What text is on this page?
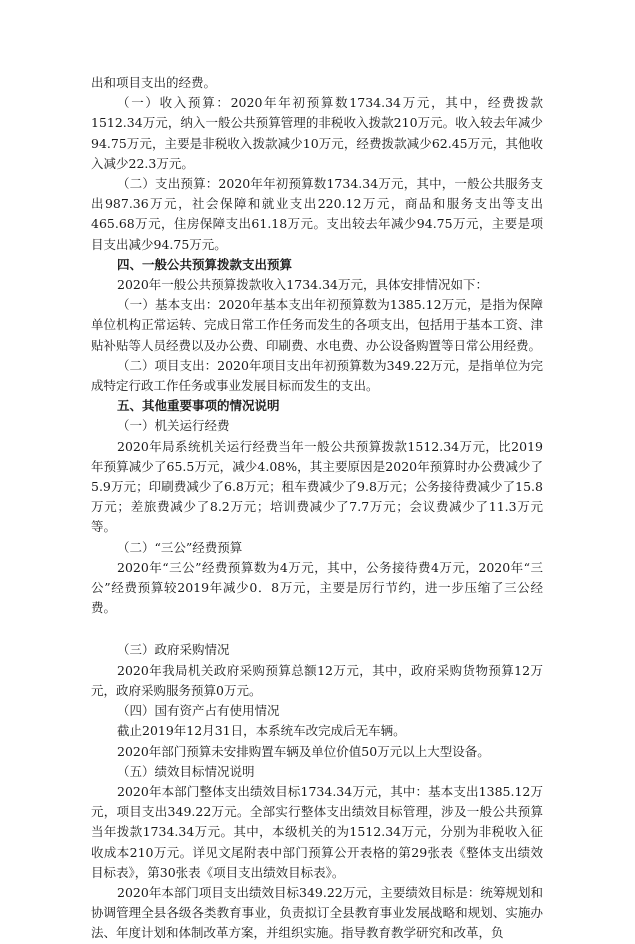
出和项目支出的经费。

（一）收入预算：2020年年初预算数1734.34万元，其中，经费拨款1512.34万元，纳入一般公共预算管理的非税收入拨款210万元。收入较去年减少94.75万元，主要是非税收入拨款减少10万元，经费拨款减少62.45万元，其他收入减少22.3万元。

（二）支出预算：2020年年初预算数1734.34万元，其中，一般公共服务支出987.36万元，社会保障和就业支出220.12万元，商品和服务支出等支出465.68万元，住房保障支出61.18万元。支出较去年减少94.75万元，主要是项目支出减少94.75万元。

四、一般公共预算拨款支出预算

2020年一般公共预算拨款收入1734.34万元，具体安排情况如下：

（一）基本支出：2020年基本支出年初预算数为1385.12万元，是指为保障单位机构正常运转、完成日常工作任务而发生的各项支出，包括用于基本工资、津贴补贴等人员经费以及办公费、印刷费、水电费、办公设备购置等日常公用经费。

（二）项目支出：2020年项目支出年初预算数为349.22万元，是指单位为完成特定行政工作任务或事业发展目标而发生的支出。

五、其他重要事项的情况说明

（一）机关运行经费

2020年局系统机关运行经费当年一般公共预算拨款1512.34万元，比2019年预算减少了65.5万元，减少4.08%，其主要原因是2020年预算时办公费减少了5.9万元；印刷费减少了6.8万元；租车费减少了9.8万元；公务接待费减少了15.8万元；差旅费减少了8.2万元；培训费减少了7.7万元；会议费减少了11.3万元等。

（二）“三公”经费预算

2020年“三公”经费预算数为4万元，其中，公务接待费4万元，2020年“三公”经费预算较2019年减少0．8万元，主要是厉行节约，进一步压缩了三公经费。

（三）政府采购情况

2020年我局机关政府采购预算总额12万元，其中，政府采购货物预算12万元，政府采购服务预算0万元。

（四）国有资产占有使用情况

截止2019年12月31日，本系统车改完成后无车辆。

2020年部门预算未安排购置车辆及单位价值50万元以上大型设备。

（五）绩效目标情况说明

2020年本部门整体支出绩效目标1734.34万元，其中：基本支出1385.12万元，项目支出349.22万元。全部实行整体支出绩效目标管理，涉及一般公共预算当年拨款1734.34万元。其中，本级机关的为1512.34万元，分别为非税收入征收成本210万元。详见文尾附表中部门预算公开表格的第29张表《整体支出绩效目标表》，第30张表《项目支出绩效目标表》。

2020年本部门项目支出绩效目标349.22万元，主要绩效目标是：统筹规划和协调管理全县各级各类教育事业，负责拟订全县教育事业发展战略和规划、实施办法、年度计划和体制改革方案，并组织实施。指导教育教学研究和改革，负
